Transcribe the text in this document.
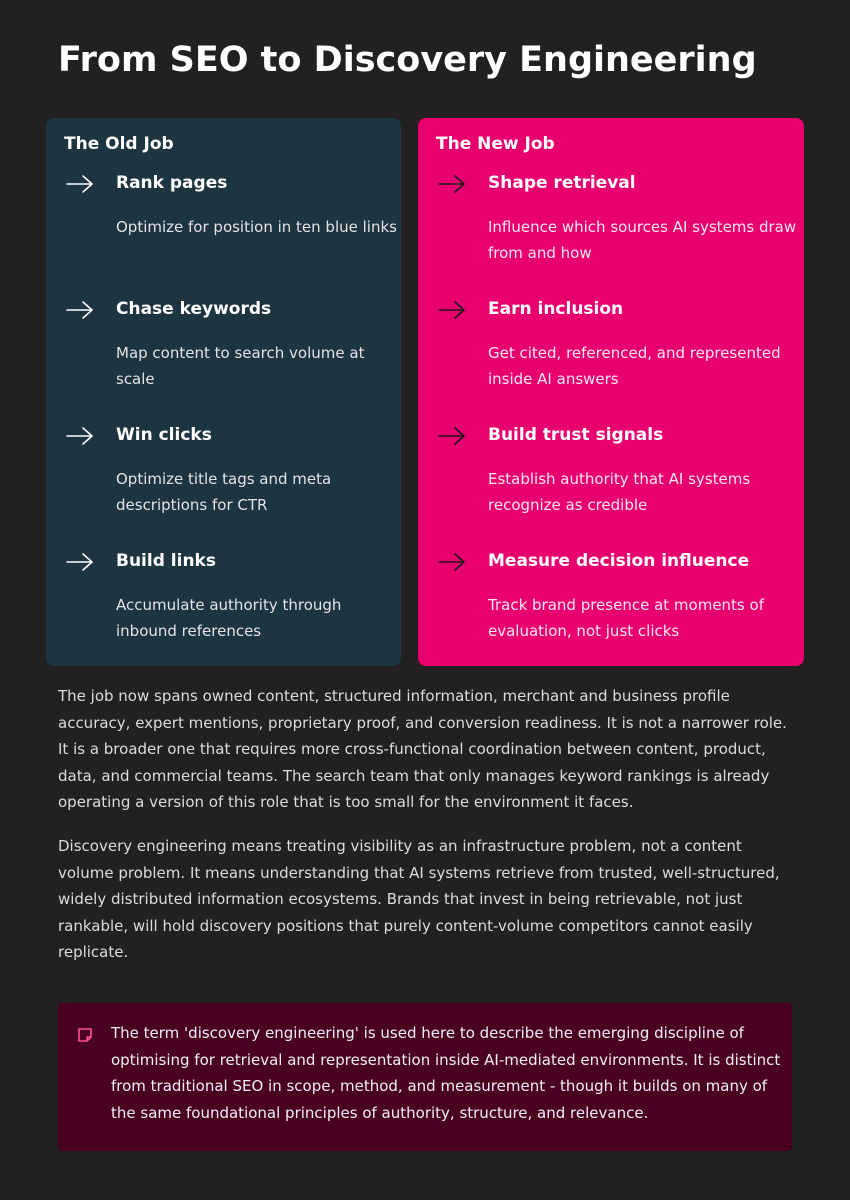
From SEO to Discovery Engineering
The Old Job
Rank pages
Optimize for position in ten blue links
Chase keywords
Map content to search volume at scale
Win clicks
Optimize title tags and meta descriptions for CTR
Build links
Accumulate authority through inbound references
The New Job
Shape retrieval
Influence which sources AI systems draw from and how
Earn inclusion
Get cited, referenced, and represented inside AI answers
Build trust signals
Establish authority that AI systems recognize as credible
Measure decision influence
Track brand presence at moments of evaluation, not just clicks

The job now spans owned content, structured information, merchant and business profile accuracy, expert mentions, proprietary proof, and conversion readiness. It is not a narrower role. It is a broader one that requires more cross-functional coordination between content, product, data, and commercial teams. The search team that only manages keyword rankings is already operating a version of this role that is too small for the environment it faces.

Discovery engineering means treating visibility as an infrastructure problem, not a content volume problem. It means understanding that AI systems retrieve from trusted, well-structured, widely distributed information ecosystems. Brands that invest in being retrievable, not just rankable, will hold discovery positions that purely content-volume competitors cannot easily replicate.

The term 'discovery engineering' is used here to describe the emerging discipline of optimising for retrieval and representation inside AI-mediated environments. It is distinct from traditional SEO in scope, method, and measurement - though it builds on many of the same foundational principles of authority, structure, and relevance.
